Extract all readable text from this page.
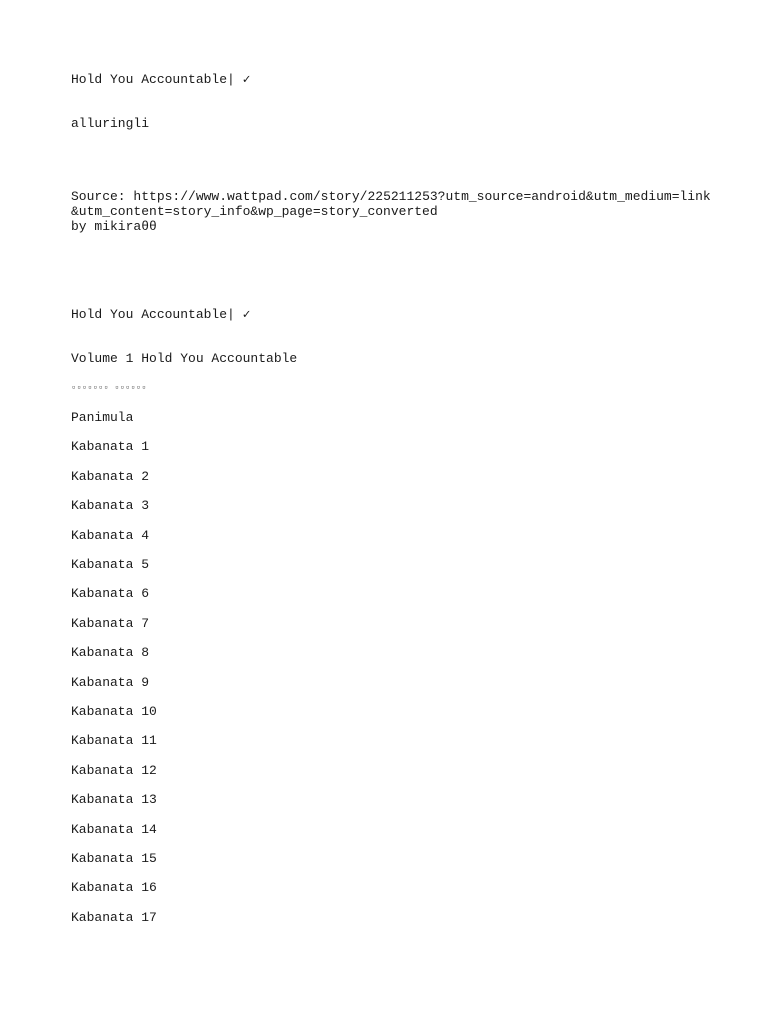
Hold You Accountable| ✓
alluringli
Source: https://www.wattpad.com/story/225211253?utm_source=android&utm_medium=link&utm_content=story_info&wp_page=story_converted
by mikiraθθ
Hold You Accountable| ✓
Volume 1 Hold You Accountable
▫▫▫▫▫▫▫ ▫▫▫▫▫▫
Panimula
Kabanata 1
Kabanata 2
Kabanata 3
Kabanata 4
Kabanata 5
Kabanata 6
Kabanata 7
Kabanata 8
Kabanata 9
Kabanata 10
Kabanata 11
Kabanata 12
Kabanata 13
Kabanata 14
Kabanata 15
Kabanata 16
Kabanata 17
